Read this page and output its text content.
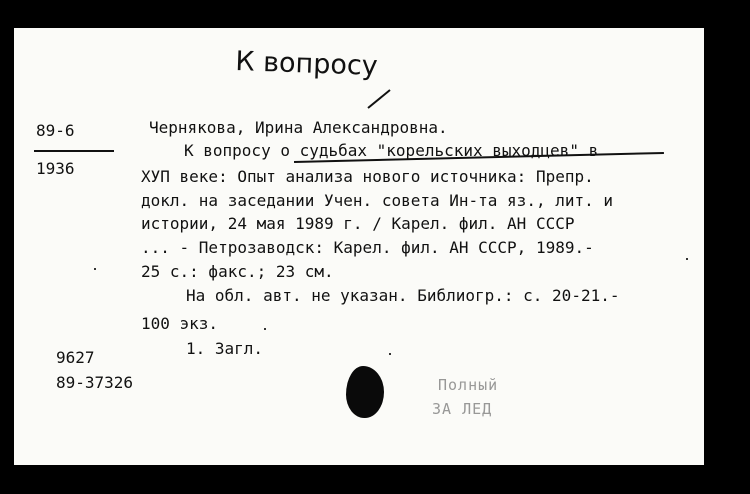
К вопросу
89-6
1936
Чернякова, Ирина Александровна.
К вопросу о судьбах "корельских выходцев" в
ХУП веке: Опыт анализа нового источника: Препр.
докл. на заседании Учен. совета Ин-та яз., лит. и
истории, 24 мая 1989 г. / Карел. фил. АН СССР
... - Петрозаводск: Карел. фил. АН СССР, 1989.-
25 с.: факс.; 23 см.
На обл. авт. не указан. Библиогр.: с. 20-21.-
100 экз.
1. Загл.
9627
89-37326	Полный
ЗА ЛЕД
